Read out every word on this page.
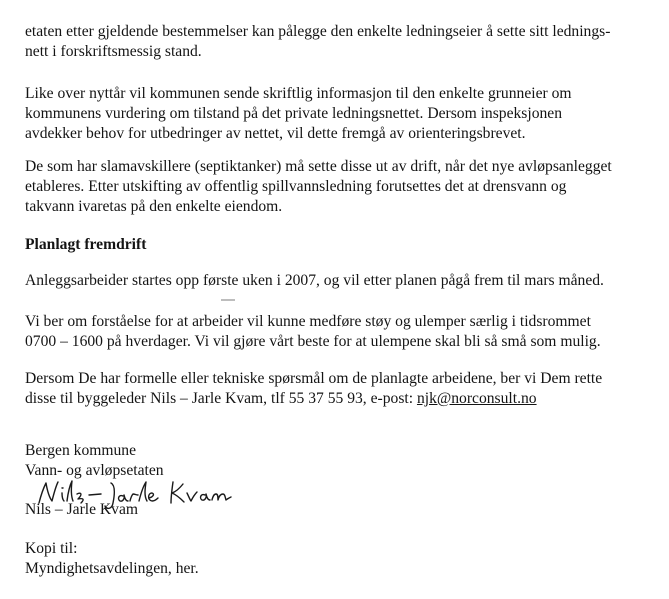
etaten etter gjeldende bestemmelser kan pålegge den enkelte ledningseier å sette sitt lednings-
nett i forskriftsmessig stand.
Like over nyttår vil kommunen sende skriftlig informasjon til den enkelte grunneier om
kommunens vurdering om tilstand på det private ledningsnettet. Dersom inspeksjonen
avdekker behov for utbedringer av nettet, vil dette fremgå av orienteringsbrevet.
De som har slamavskillere (septiktanker) må sette disse ut av drift, når det nye avløpsanlegget
etableres. Etter utskifting av offentlig spillvannsledning forutsettes det at drensvann og
takvann ivaretas på den enkelte eiendom.
Planlagt fremdrift
Anleggsarbeider startes opp første uken i 2007, og vil etter planen pågå frem til mars måned.
Vi ber om forståelse for at arbeider vil kunne medføre støy og ulemper særlig i tidsrommet
0700 – 1600 på hverdager. Vi vil gjøre vårt beste for at ulempene skal bli så små som mulig.
Dersom De har formelle eller tekniske spørsmål om de planlagte arbeidene, ber vi Dem rette
disse til byggeleder Nils – Jarle Kvam, tlf 55 37 55 93, e-post: njk@norconsult.no
Bergen kommune
Vann- og avløpsetaten
Nils – Jarle Kvam
Kopi til:
Myndighetsavdelingen, her.
